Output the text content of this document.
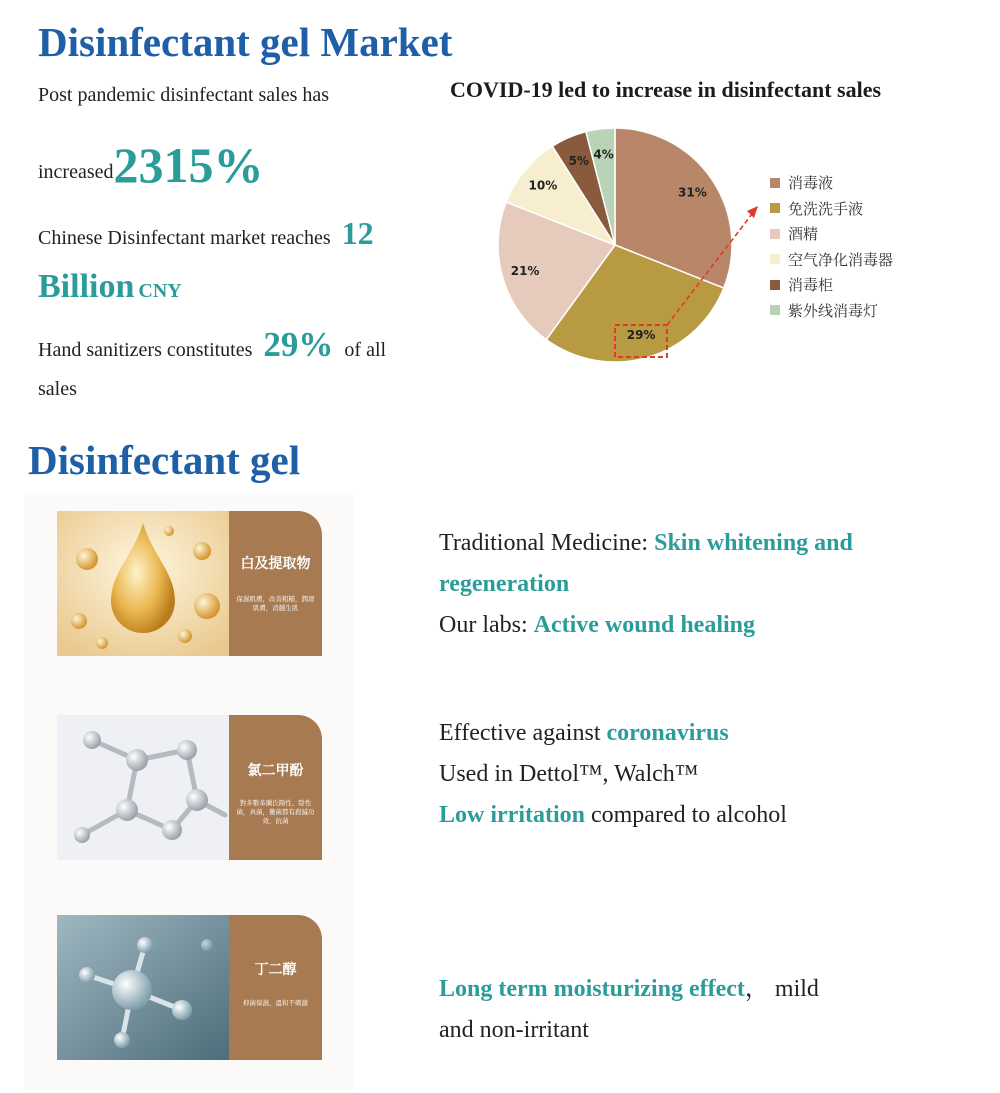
Disinfectant gel Market
Post pandemic disinfectant sales has
increased2315%
Chinese Disinfectant market reaches 12
Billion CNY
Hand sanitizers constitutes 29% of all
sales
COVID-19 led to increase in disinfectant sales
31%
29%
21%
10%
5% 4%
消毒液
免洗洗手液
酒精
空气净化消毒器
消毒柜
紫外线消毒灯
Disinfectant gel
白及提取物
保濕肌膚，改善粗糙，潤滑肌膚，消腫生肌
氯二甲酚
對多數革蘭氏陽性、陰性菌，真菌，黴菌都有殺滅功效，抗菌
丁二醇
抑菌保濕，溫和不刺激
Traditional Medicine: Skin whitening and
regeneration
Our labs: Active wound healing
Effective against coronavirus
Used in Dettol™, Walch™
Low irritation compared to alcohol
Long term moisturizing effect， mild
and non-irritant
